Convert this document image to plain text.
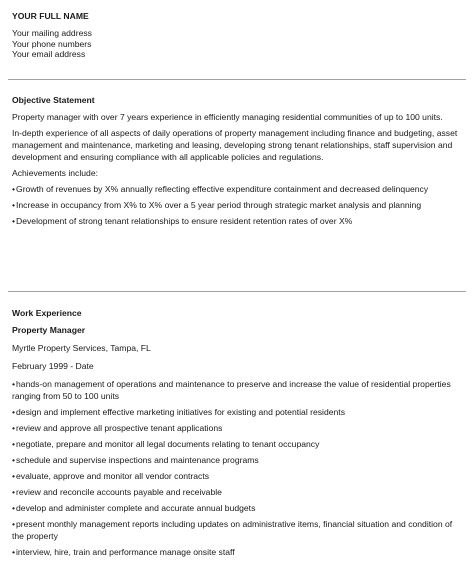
YOUR FULL NAME
Your mailing address
Your phone numbers
Your email address
Objective Statement
Property manager with over 7 years experience in efficiently managing residential communities of up to 100 units.
In-depth experience of all aspects of daily operations of property management including finance and budgeting, asset management and maintenance, marketing and leasing, developing strong tenant relationships, staff supervision and development and ensuring compliance with all applicable policies and regulations.
Achievements include:
•Growth of revenues by X% annually reflecting effective expenditure containment and decreased delinquency
•Increase in occupancy from X% to X% over a 5 year period through strategic market analysis and planning
•Development of strong tenant relationships to ensure resident retention rates of over X%
Work Experience
Property Manager
Myrtle Property Services, Tampa, FL
February 1999 - Date
•hands-on management of operations and maintenance to preserve and increase the value of residential properties ranging from 50 to 100 units
•design and implement effective marketing initiatives for existing and potential residents
•review and approve all prospective tenant applications
•negotiate, prepare and monitor all legal documents relating to tenant occupancy
•schedule and supervise inspections and maintenance programs
•evaluate, approve and monitor all vendor contracts
•review and reconcile accounts payable and receivable
•develop and administer complete and accurate annual budgets
•present monthly management reports including updates on administrative items, financial situation and condition of the property
•interview, hire, train and performance manage onsite staff
